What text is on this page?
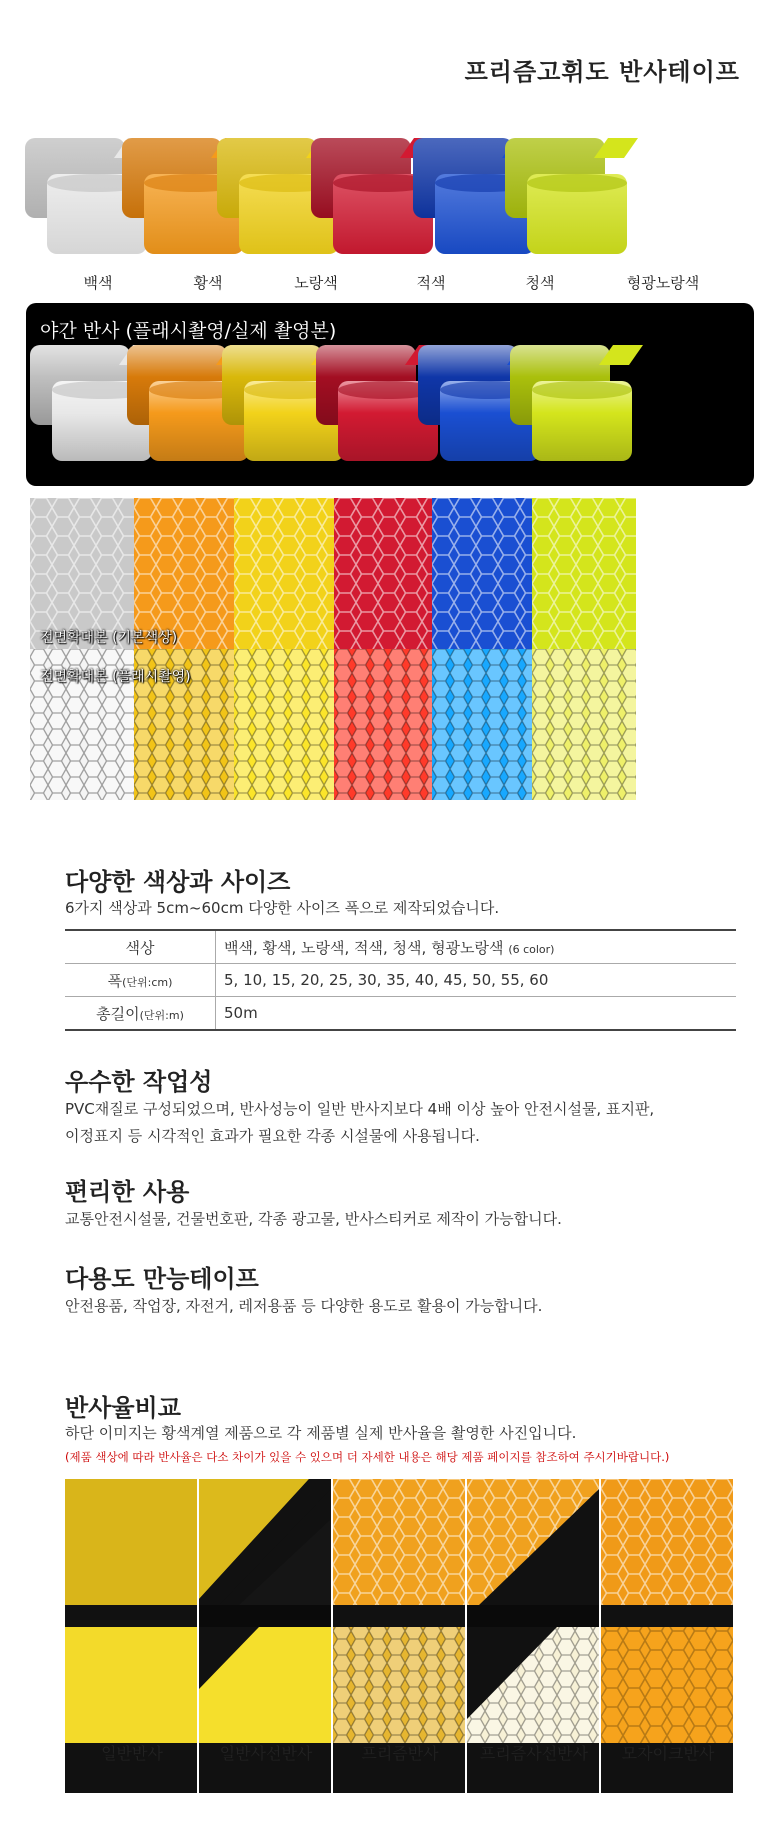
프리즘고휘도 반사테이프
백색	황색	노랑색	적색	청색	형광노랑색
야간 반사 (플래시촬영/실제 촬영본)
전면확대본 (기본색상)
전면확대본 (플래시촬영)
다양한 색상과 사이즈
6가지 색상과 5cm~60cm 다양한 사이즈 폭으로 제작되었습니다.
색상	백색, 황색, 노랑색, 적색, 청색, 형광노랑색 (6 color)
폭(단위:cm)	5, 10, 15, 20, 25, 30, 35, 40, 45, 50, 55, 60
총길이(단위:m)	50m
우수한 작업성
PVC재질로 구성되었으며, 반사성능이 일반 반사지보다 4배 이상 높아 안전시설물, 표지판,
이정표지 등 시각적인 효과가 필요한 각종 시설물에 사용됩니다.
편리한 사용
교통안전시설물, 건물번호판, 각종 광고물, 반사스티커로 제작이 가능합니다.
다용도 만능테이프
안전용품, 작업장, 자전거, 레저용품 등 다양한 용도로 활용이 가능합니다.
반사율비교
하단 이미지는 황색계열 제품으로 각 제품별 실제 반사율을 촬영한 사진입니다.
(제품 색상에 따라 반사율은 다소 차이가 있을 수 있으며 더 자세한 내용은 해당 제품 페이지를 참조하여 주시기바랍니다.)
일반반사	일반사선반사	프리즘반사	프리즘사선반사	모자이크반사
